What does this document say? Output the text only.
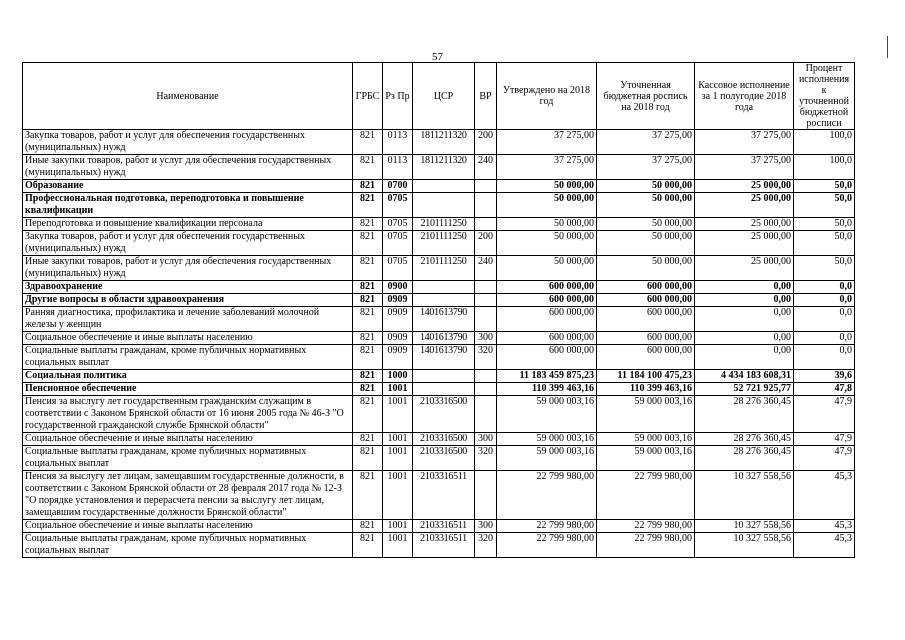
57
Наименование	ГРБС	Рз Пр	ЦСР	ВР	Утверждено на 2018 год	Уточненная бюджетная роспись на 2018 год	Кассовое исполнение за 1 полугодие 2018 года	Процент исполнения к уточненной бюджетной росписи
Закупка товаров, работ и услуг для обеспечения государственных (муниципальных) нужд	821	0113	1811211320	200	37 275,00	37 275,00	37 275,00	100,0
Иные закупки товаров, работ и услуг для обеспечения государственных (муниципальных) нужд	821	0113	1811211320	240	37 275,00	37 275,00	37 275,00	100,0
Образование	821	0700			50 000,00	50 000,00	25 000,00	50,0
Профессиональная подготовка, переподготовка и повышение квалификации	821	0705			50 000,00	50 000,00	25 000,00	50,0
Переподготовка и повышение квалификации персонала	821	0705	2101111250		50 000,00	50 000,00	25 000,00	50,0
Закупка товаров, работ и услуг для обеспечения государственных (муниципальных) нужд	821	0705	2101111250	200	50 000,00	50 000,00	25 000,00	50,0
Иные закупки товаров, работ и услуг для обеспечения государственных (муниципальных) нужд	821	0705	2101111250	240	50 000,00	50 000,00	25 000,00	50,0
Здравоохранение	821	0900			600 000,00	600 000,00	0,00	0,0
Другие вопросы в области здравоохранения	821	0909			600 000,00	600 000,00	0,00	0,0
Ранняя диагностика, профилактика и лечение заболеваний молочной железы у женщин	821	0909	1401613790		600 000,00	600 000,00	0,00	0,0
Социальное обеспечение и иные выплаты населению	821	0909	1401613790	300	600 000,00	600 000,00	0,00	0,0
Социальные выплаты гражданам, кроме публичных нормативных социальных выплат	821	0909	1401613790	320	600 000,00	600 000,00	0,00	0,0
Социальная политика	821	1000			11 183 459 875,23	11 184 100 475,23	4 434 183 608,31	39,6
Пенсионное обеспечение	821	1001			110 399 463,16	110 399 463,16	52 721 925,77	47,8
Пенсия за выслугу лет государственным гражданским служащим в соответствии с Законом Брянской области от 16 июня 2005 года № 46-З "О государственной гражданской службе Брянской области"	821	1001	2103316500		59 000 003,16	59 000 003,16	28 276 360,45	47,9
Социальное обеспечение и иные выплаты населению	821	1001	2103316500	300	59 000 003,16	59 000 003,16	28 276 360,45	47,9
Социальные выплаты гражданам, кроме публичных нормативных социальных выплат	821	1001	2103316500	320	59 000 003,16	59 000 003,16	28 276 360,45	47,9
Пенсия за выслугу лет лицам, замещавшим государственные должности, в соответствии с Законом Брянской области от 28 февраля 2017 года № 12-З "О порядке установления и перерасчета пенсии за выслугу лет лицам, замещавшим государственные должности Брянской области"	821	1001	2103316511		22 799 980,00	22 799 980,00	10 327 558,56	45,3
Социальное обеспечение и иные выплаты населению	821	1001	2103316511	300	22 799 980,00	22 799 980,00	10 327 558,56	45,3
Социальные выплаты гражданам, кроме публичных нормативных социальных выплат	821	1001	2103316511	320	22 799 980,00	22 799 980,00	10 327 558,56	45,3
